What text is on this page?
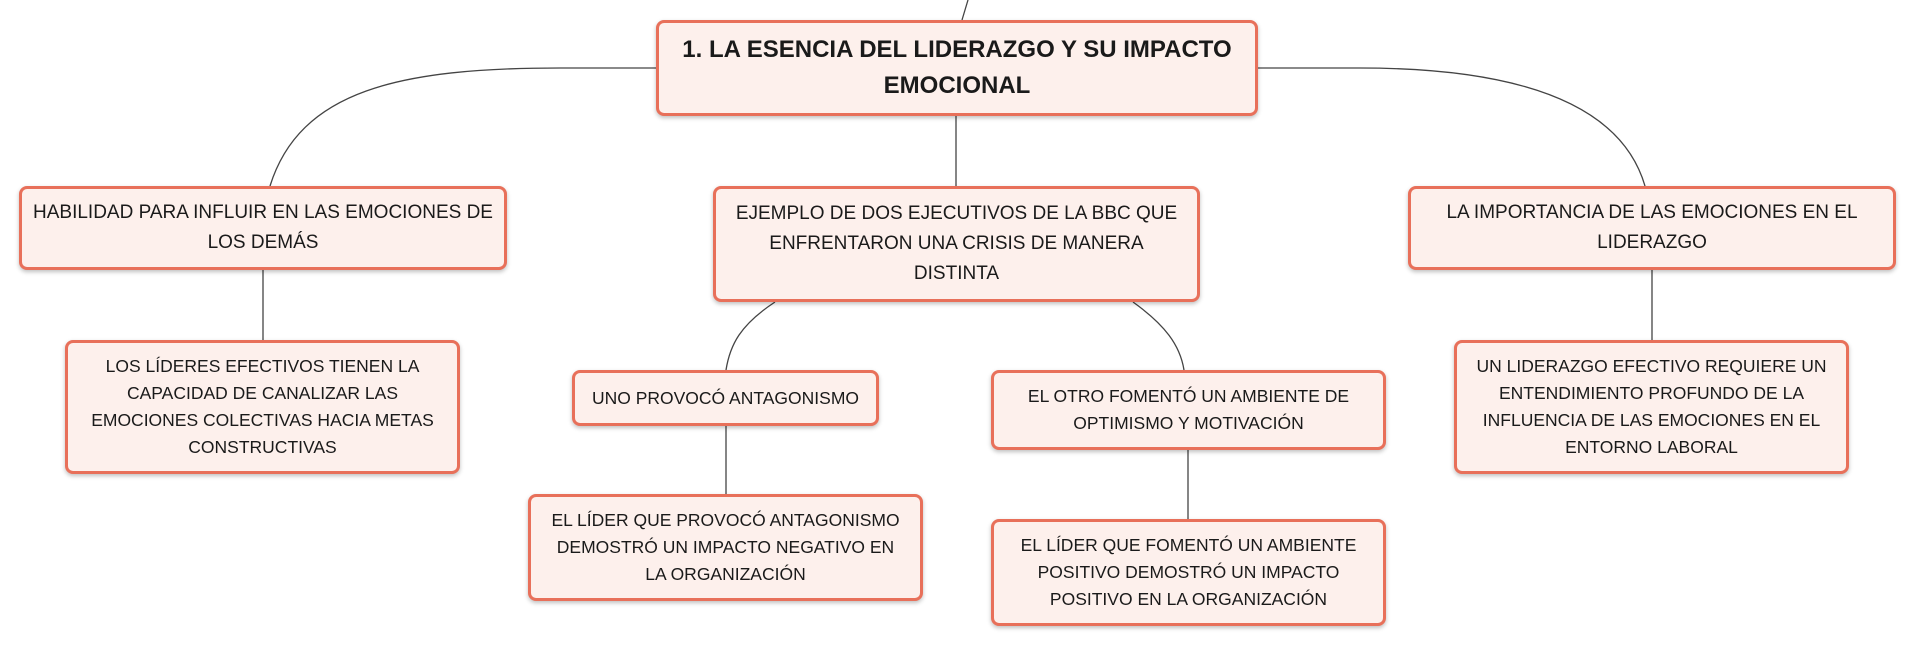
1. LA ESENCIA DEL LIDERAZGO Y SU IMPACTO EMOCIONAL
HABILIDAD PARA INFLUIR EN LAS EMOCIONES DE LOS DEMÁS
EJEMPLO DE DOS EJECUTIVOS DE LA BBC QUE ENFRENTARON UNA CRISIS DE MANERA DISTINTA
LA IMPORTANCIA DE LAS EMOCIONES EN EL LIDERAZGO
LOS LÍDERES EFECTIVOS TIENEN LA CAPACIDAD DE CANALIZAR LAS EMOCIONES COLECTIVAS HACIA METAS CONSTRUCTIVAS
UNO PROVOCÓ ANTAGONISMO	EL OTRO FOMENTÓ UN AMBIENTE DE OPTIMISMO Y MOTIVACIÓN
UN LIDERAZGO EFECTIVO REQUIERE UN ENTENDIMIENTO PROFUNDO DE LA INFLUENCIA DE LAS EMOCIONES EN EL ENTORNO LABORAL
EL LÍDER QUE PROVOCÓ ANTAGONISMO DEMOSTRÓ UN IMPACTO NEGATIVO EN LA ORGANIZACIÓN
EL LÍDER QUE FOMENTÓ UN AMBIENTE POSITIVO DEMOSTRÓ UN IMPACTO POSITIVO EN LA ORGANIZACIÓN
